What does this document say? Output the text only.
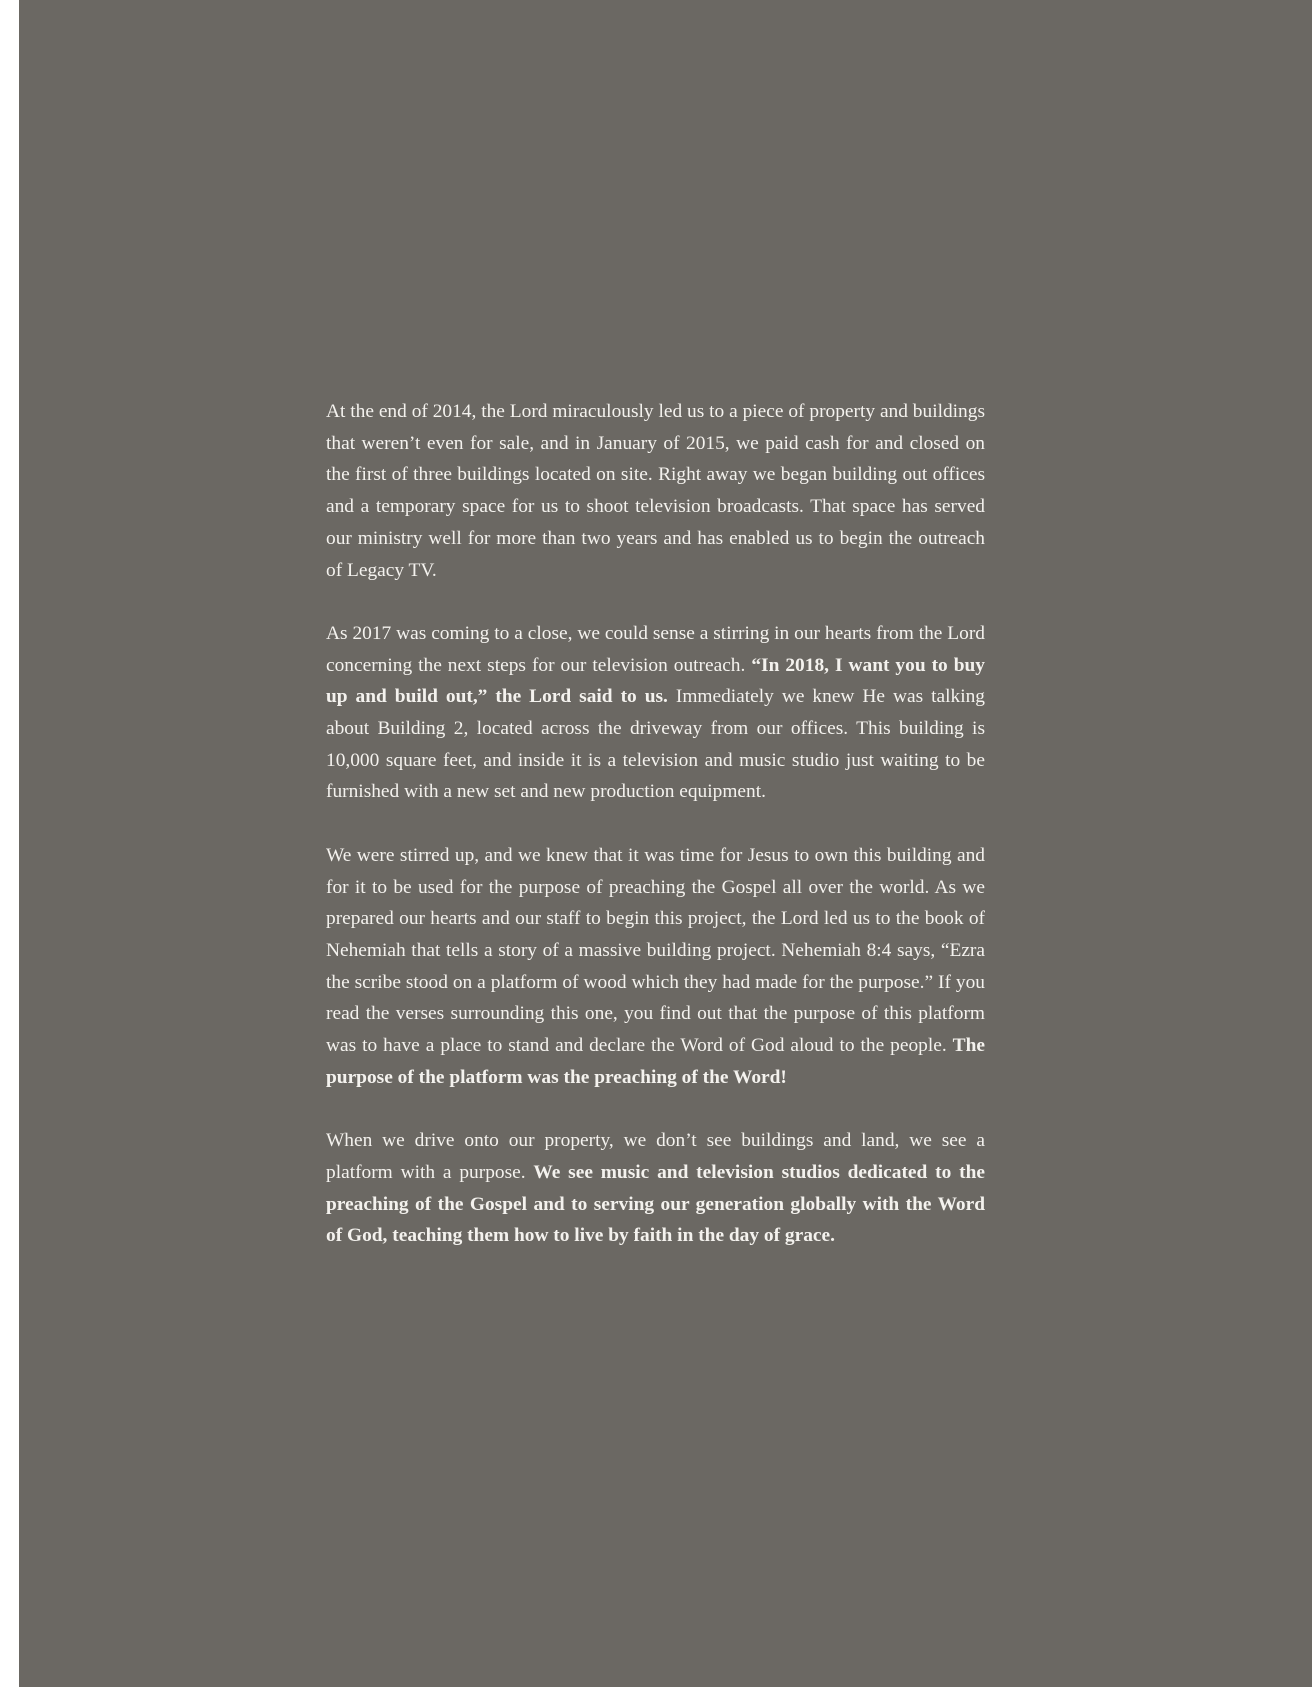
At the end of 2014, the Lord miraculously led us to a piece of property and buildings that weren’t even for sale, and in January of 2015, we paid cash for and closed on the first of three buildings located on site. Right away we began building out offices and a temporary space for us to shoot television broadcasts. That space has served our ministry well for more than two years and has enabled us to begin the outreach of Legacy TV.

As 2017 was coming to a close, we could sense a stirring in our hearts from the Lord concerning the next steps for our television outreach. “In 2018, I want you to buy up and build out,” the Lord said to us. Immediately we knew He was talking about Building 2, located across the driveway from our offices. This building is 10,000 square feet, and inside it is a television and music studio just waiting to be furnished with a new set and new production equipment.

We were stirred up, and we knew that it was time for Jesus to own this building and for it to be used for the purpose of preaching the Gospel all over the world. As we prepared our hearts and our staff to begin this project, the Lord led us to the book of Nehemiah that tells a story of a massive building project. Nehemiah 8:4 says, “Ezra the scribe stood on a platform of wood which they had made for the purpose.” If you read the verses surrounding this one, you find out that the purpose of this platform was to have a place to stand and declare the Word of God aloud to the people. The purpose of the platform was the preaching of the Word!

When we drive onto our property, we don’t see buildings and land, we see a platform with a purpose. We see music and television studios dedicated to the preaching of the Gospel and to serving our generation globally with the Word of God, teaching them how to live by faith in the day of grace.
